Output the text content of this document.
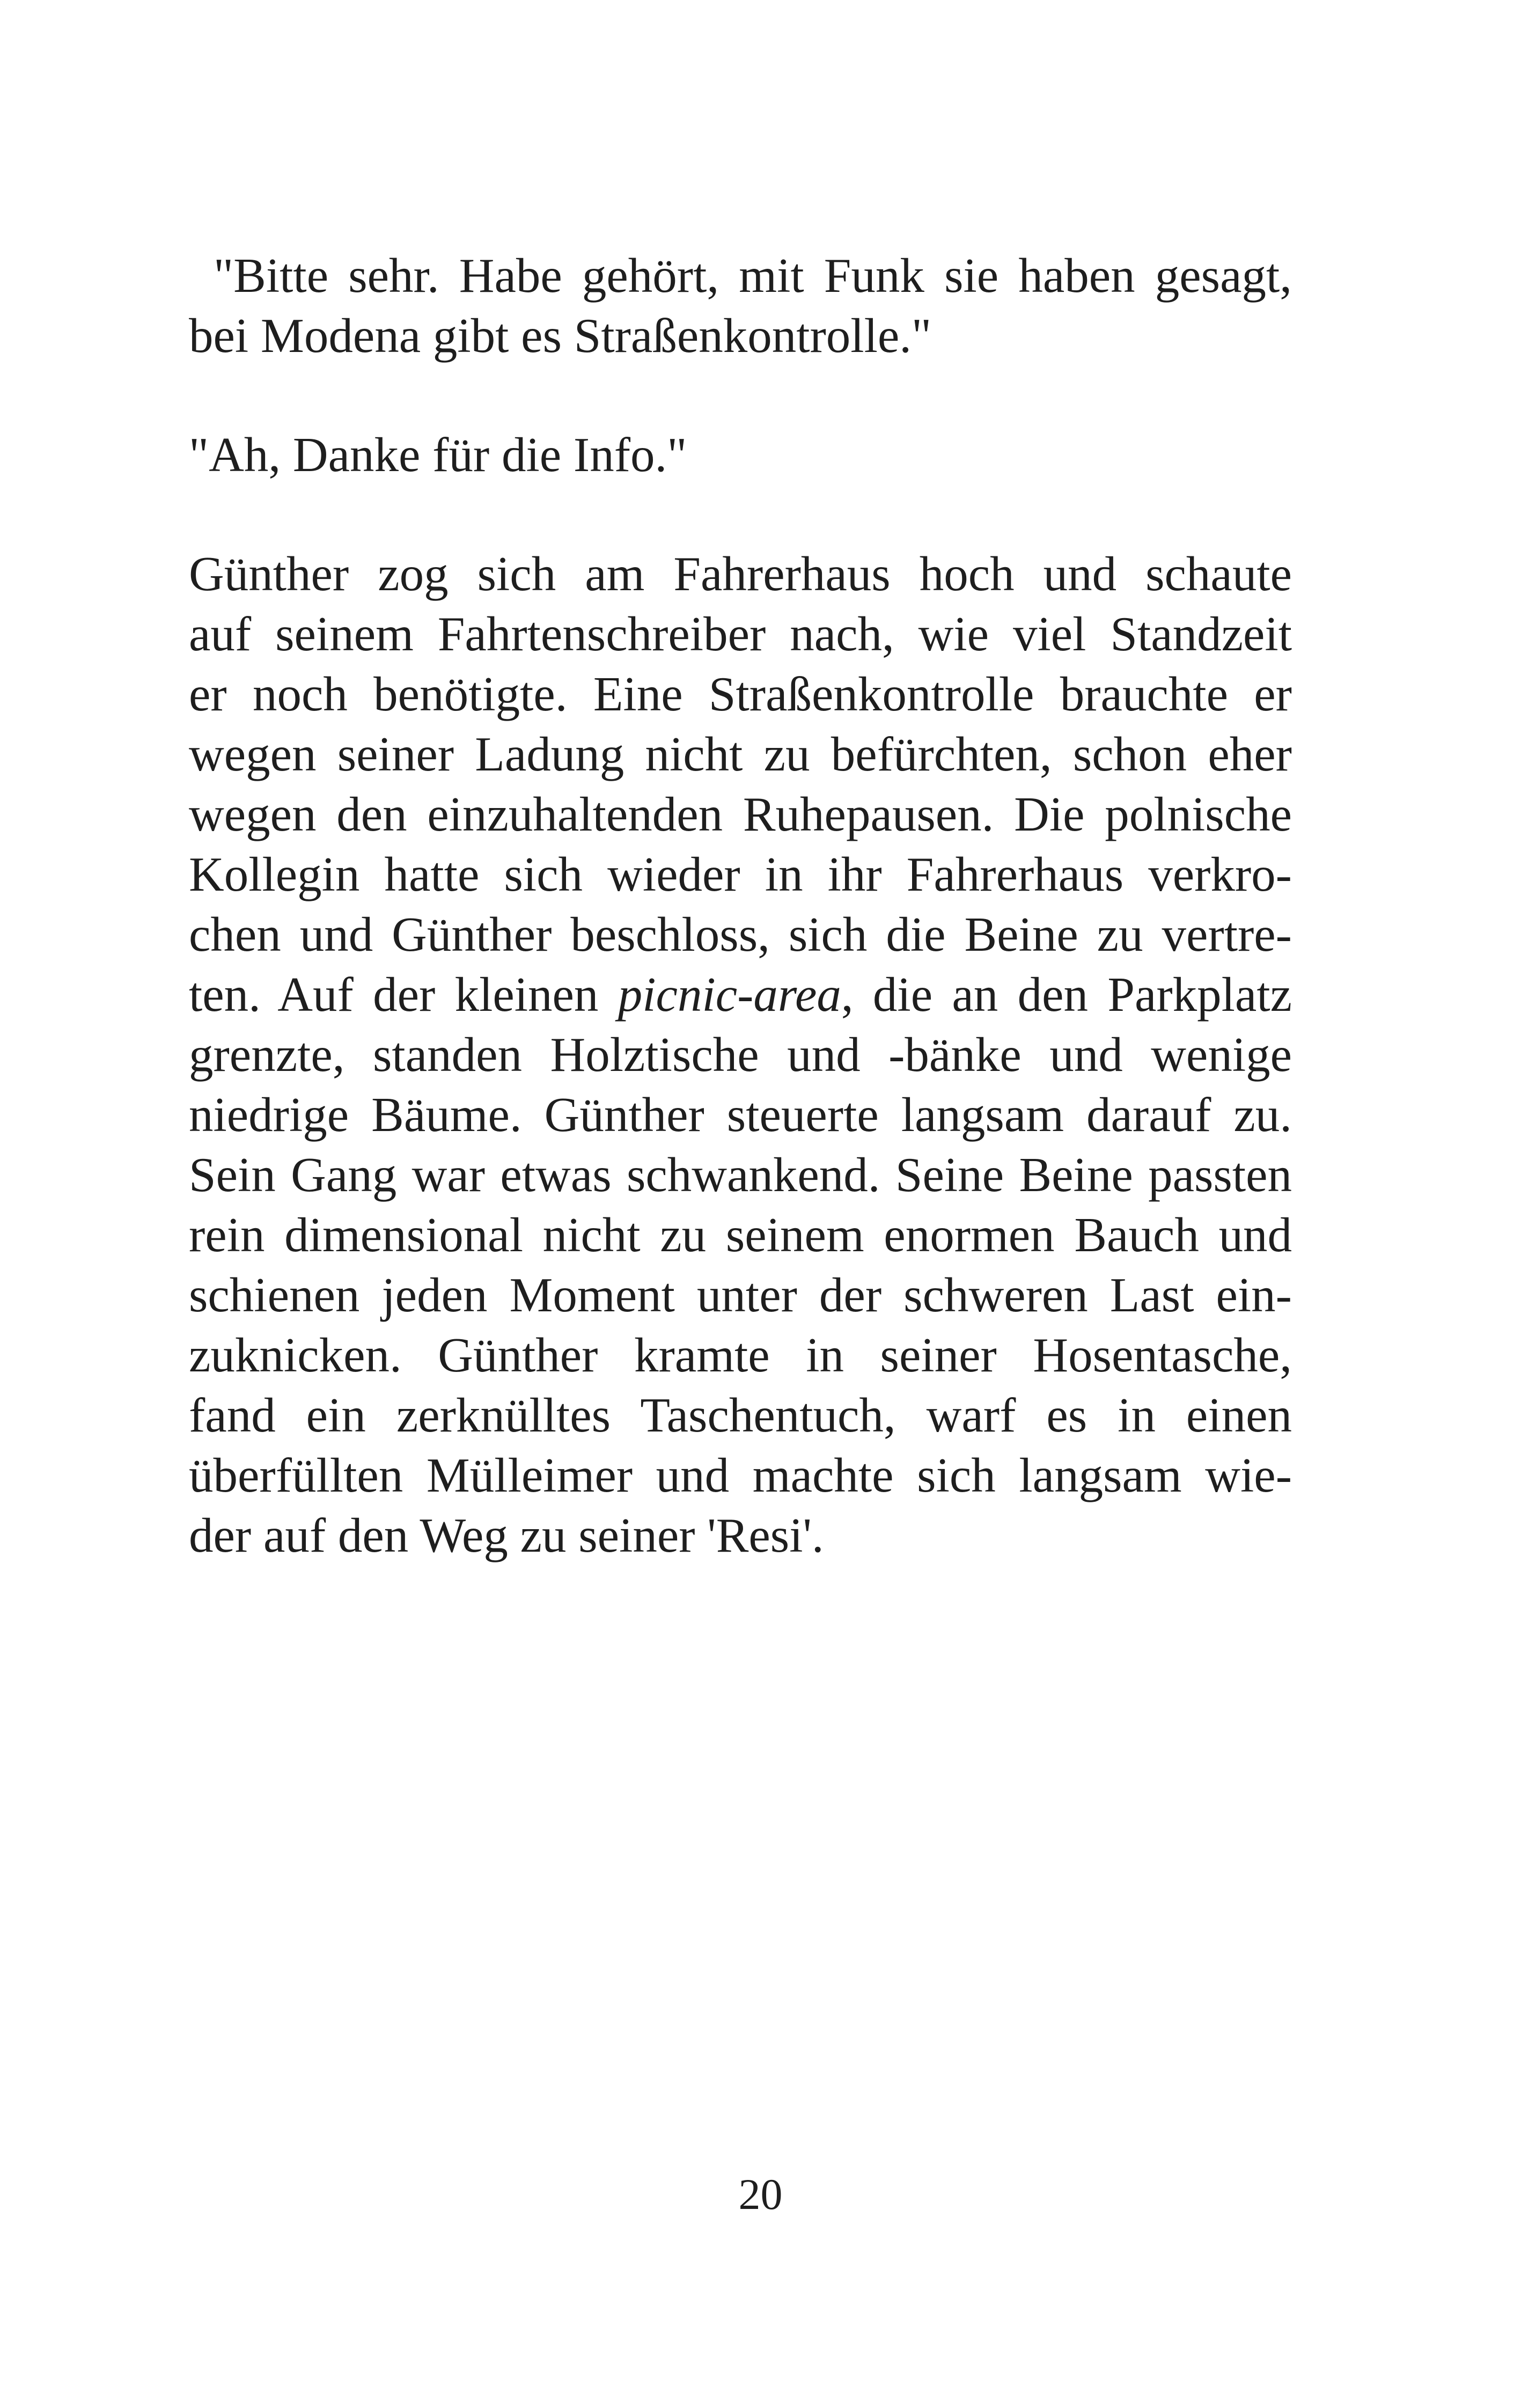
"Bitte sehr. Habe gehört, mit Funk sie haben gesagt,
bei Modena gibt es Straßenkontrolle."
"Ah, Danke für die Info."
Günther zog sich am Fahrerhaus hoch und schaute
auf seinem Fahrtenschreiber nach, wie viel Standzeit
er noch benötigte. Eine Straßenkontrolle brauchte er
wegen seiner Ladung nicht zu befürchten, schon eher
wegen den einzuhaltenden Ruhepausen. Die polnische
Kollegin hatte sich wieder in ihr Fahrerhaus verkro-
chen und Günther beschloss, sich die Beine zu vertre-
ten. Auf der kleinen picnic-area, die an den Parkplatz
grenzte, standen Holztische und -bänke und wenige
niedrige Bäume. Günther steuerte langsam darauf zu.
Sein Gang war etwas schwankend. Seine Beine passten
rein dimensional nicht zu seinem enormen Bauch und
schienen jeden Moment unter der schweren Last ein-
zuknicken. Günther kramte in seiner Hosentasche,
fand ein zerknülltes Taschentuch, warf es in einen
überfüllten Mülleimer und machte sich langsam wie-
der auf den Weg zu seiner 'Resi'.
20
